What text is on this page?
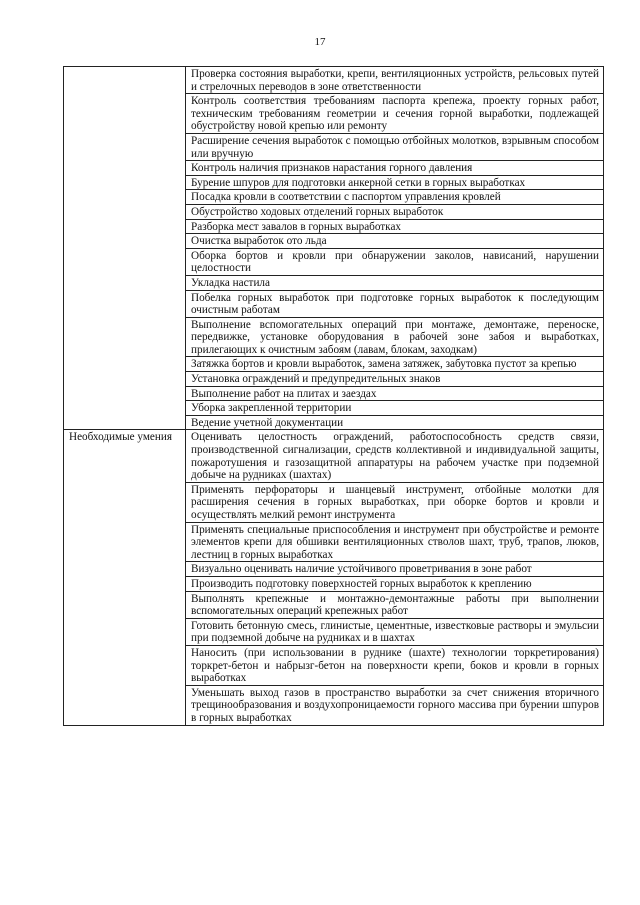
17
	Проверка состояния выработки, крепи, вентиляционных устройств, рельсовых путей и стрелочных переводов в зоне ответственности
	Контроль соответствия требованиям паспорта крепежа, проекту горных работ, техническим требованиям геометрии и сечения горной выработки, подлежащей обустройству новой крепью или ремонту
	Расширение сечения выработок с помощью отбойных молотков, взрывным способом или вручную
	Контроль наличия признаков нарастания горного давления
	Бурение шпуров для подготовки анкерной сетки в горных выработках
	Посадка кровли в соответствии с паспортом управления кровлей
	Обустройство ходовых отделений горных выработок
	Разборка мест завалов в горных выработках
	Очистка выработок ото льда
	Оборка бортов и кровли при обнаружении заколов, нависаний, нарушении целостности
	Укладка настила
	Побелка горных выработок при подготовке горных выработок к последующим очистным работам
	Выполнение вспомогательных операций при монтаже, демонтаже, переноске, передвижке, установке оборудования в рабочей зоне забоя и выработках, прилегающих к очистным забоям (лавам, блокам, заходкам)
	Затяжка бортов и кровли выработок, замена затяжек, забутовка пустот за крепью
	Установка ограждений и предупредительных знаков
	Выполнение работ на плитах и заездах
	Уборка закрепленной территории
	Ведение учетной документации
Необходимые умения	Оценивать целостность ограждений, работоспособность средств связи, производственной сигнализации, средств коллективной и индивидуальной защиты, пожаротушения и газозащитной аппаратуры на рабочем участке при подземной добыче на рудниках (шахтах)
	Применять перфораторы и шанцевый инструмент, отбойные молотки для расширения сечения в горных выработках, при оборке бортов и кровли и осуществлять мелкий ремонт инструмента
	Применять специальные приспособления и инструмент при обустройстве и ремонте элементов крепи для обшивки вентиляционных стволов шахт, труб, трапов, люков, лестниц в горных выработках
	Визуально оценивать наличие устойчивого проветривания в зоне работ
	Производить подготовку поверхностей горных выработок к креплению
	Выполнять крепежные и монтажно-демонтажные работы при выполнении вспомогательных операций крепежных работ
	Готовить бетонную смесь, глинистые, цементные, известковые растворы и эмульсии при подземной добыче на рудниках и в шахтах
	Наносить (при использовании в руднике (шахте) технологии торкретирования) торкрет-бетон и набрызг-бетон на поверхности крепи, боков и кровли в горных выработках
	Уменьшать выход газов в пространство выработки за счет снижения вторичного трещинообразования и воздухопроницаемости горного массива при бурении шпуров в горных выработках
